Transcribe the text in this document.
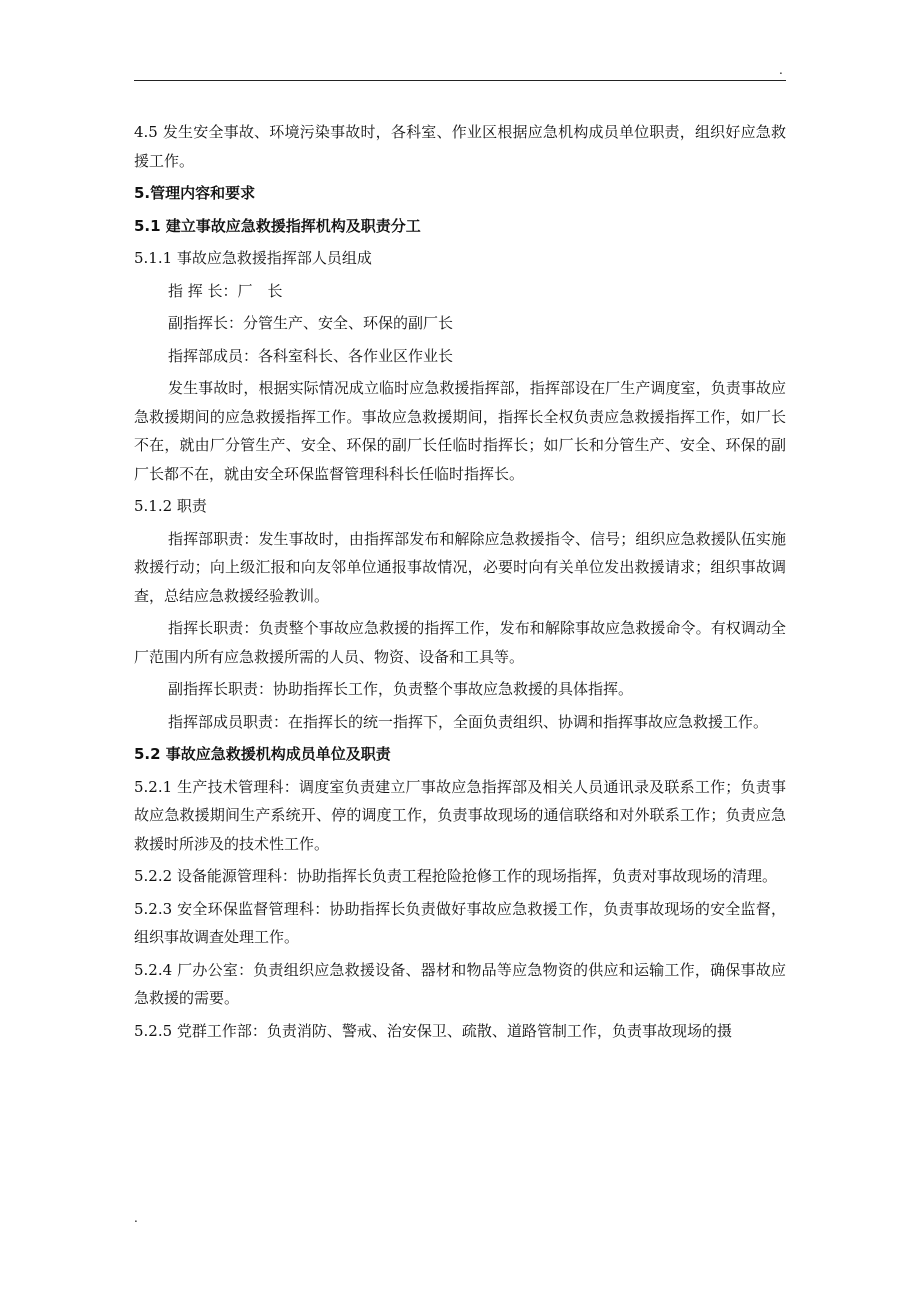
.

4.5 发生安全事故、环境污染事故时，各科室、作业区根据应急机构成员单位职责，组织好应急救援工作。

5.管理内容和要求

5.1 建立事故应急救援指挥机构及职责分工

5.1.1 事故应急救援指挥部人员组成

指 挥 长：厂　长

副指挥长：分管生产、安全、环保的副厂长

指挥部成员：各科室科长、各作业区作业长

发生事故时，根据实际情况成立临时应急救援指挥部，指挥部设在厂生产调度室，负责事故应急救援期间的应急救援指挥工作。事故应急救援期间，指挥长全权负责应急救援指挥工作，如厂长不在，就由厂分管生产、安全、环保的副厂长任临时指挥长；如厂长和分管生产、安全、环保的副厂长都不在，就由安全环保监督管理科科长任临时指挥长。

5.1.2 职责

指挥部职责：发生事故时，由指挥部发布和解除应急救援指令、信号；组织应急救援队伍实施救援行动；向上级汇报和向友邻单位通报事故情况，必要时向有关单位发出救援请求；组织事故调查，总结应急救援经验教训。

指挥长职责：负责整个事故应急救援的指挥工作，发布和解除事故应急救援命令。有权调动全厂范围内所有应急救援所需的人员、物资、设备和工具等。

副指挥长职责：协助指挥长工作，负责整个事故应急救援的具体指挥。

指挥部成员职责：在指挥长的统一指挥下，全面负责组织、协调和指挥事故应急救援工作。

5.2 事故应急救援机构成员单位及职责

5.2.1 生产技术管理科：调度室负责建立厂事故应急指挥部及相关人员通讯录及联系工作；负责事故应急救援期间生产系统开、停的调度工作，负责事故现场的通信联络和对外联系工作；负责应急救援时所涉及的技术性工作。

5.2.2 设备能源管理科：协助指挥长负责工程抢险抢修工作的现场指挥，负责对事故现场的清理。

5.2.3 安全环保监督管理科：协助指挥长负责做好事故应急救援工作，负责事故现场的安全监督，组织事故调查处理工作。

5.2.4 厂办公室：负责组织应急救援设备、器材和物品等应急物资的供应和运输工作，确保事故应急救援的需要。

5.2.5 党群工作部：负责消防、警戒、治安保卫、疏散、道路管制工作，负责事故现场的摄

.
